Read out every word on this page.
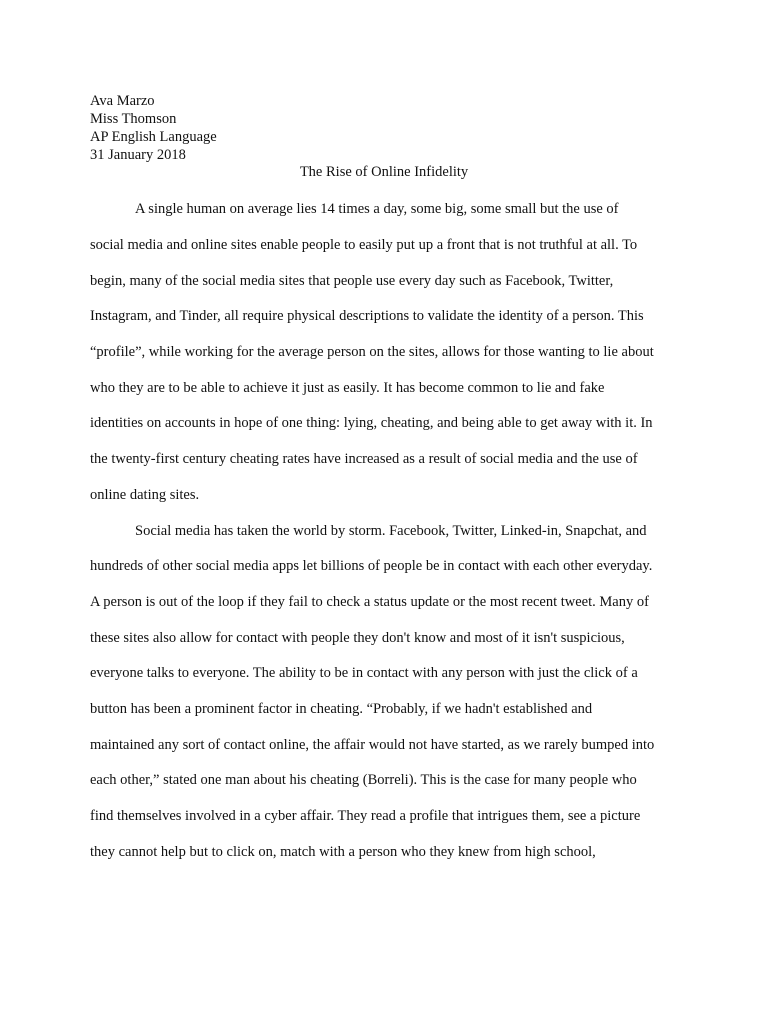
Ava Marzo
Miss Thomson
AP English Language
31 January 2018
The Rise of Online Infidelity
A single human on average lies 14 times a day, some big, some small but the use of
social media and online sites enable people to easily put up a front that is not truthful at all. To
begin, many of the social media sites that people use every day such as Facebook, Twitter,
Instagram, and Tinder, all require physical descriptions to validate the identity of a person. This
“profile”, while working for the average person on the sites, allows for those wanting to lie about
who they are to be able to achieve it just as easily. It has become common to lie and fake
identities on accounts in hope of one thing: lying, cheating, and being able to get away with it. In
the twenty-first century cheating rates have increased as a result of social media and the use of
online dating sites.
Social media has taken the world by storm. Facebook, Twitter, Linked-in, Snapchat, and
hundreds of other social media apps let billions of people be in contact with each other everyday.
A person is out of the loop if they fail to check a status update or the most recent tweet. Many of
these sites also allow for contact with people they don't know and most of it isn't suspicious,
everyone talks to everyone. The ability to be in contact with any person with just the click of a
button has been a prominent factor in cheating. “Probably, if we hadn't established and
maintained any sort of contact online, the affair would not have started, as we rarely bumped into
each other,” stated one man about his cheating (Borreli). This is the case for many people who
find themselves involved in a cyber affair. They read a profile that intrigues them, see a picture
they cannot help but to click on, match with a person who they knew from high school,
